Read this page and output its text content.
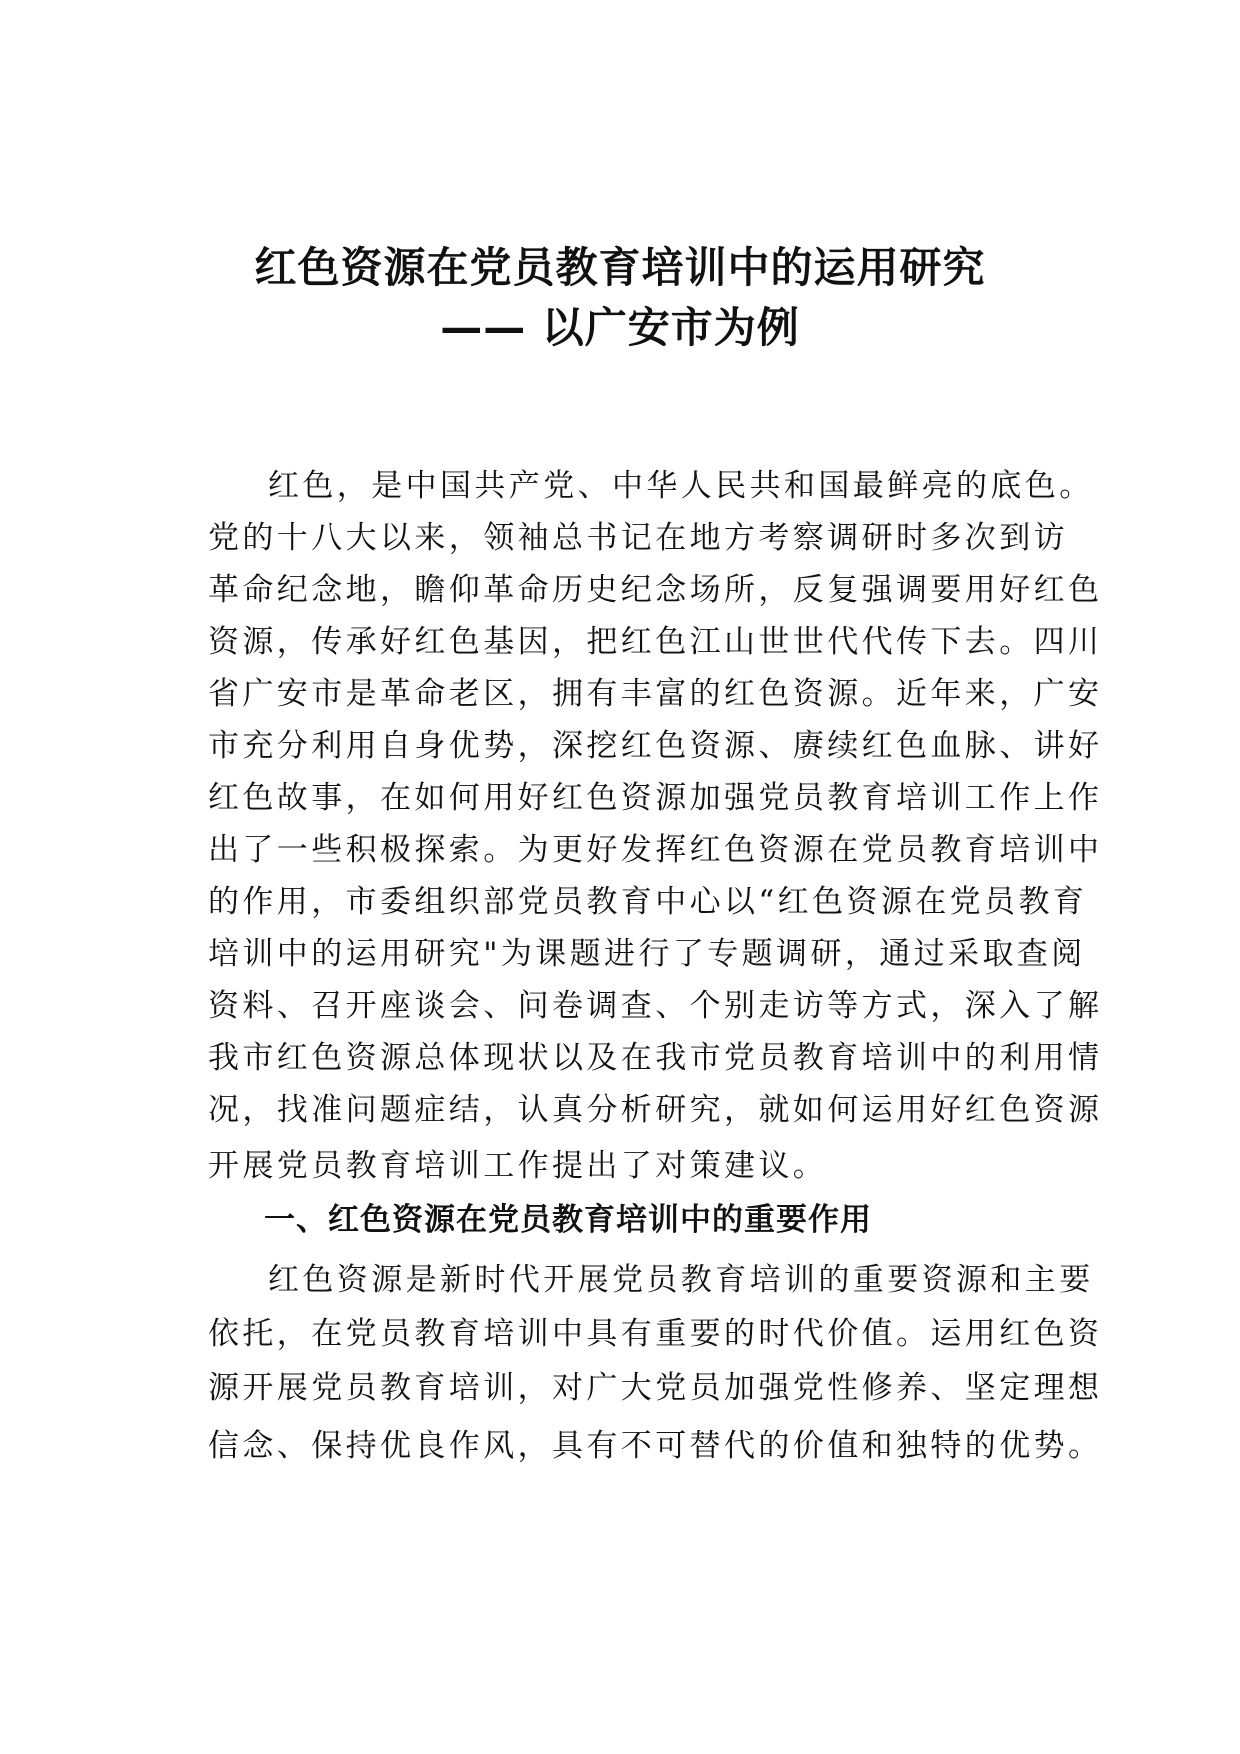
红色资源在党员教育培训中的运用研究
—— 以广安市为例
红色，是中国共产党、中华人民共和国最鲜亮的底色。
党的十八大以来，领袖总书记在地方考察调研时多次到访
革命纪念地，瞻仰革命历史纪念场所，反复强调要用好红色
资源，传承好红色基因，把红色江山世世代代传下去。四川
省广安市是革命老区，拥有丰富的红色资源。近年来，广安
市充分利用自身优势，深挖红色资源、赓续红色血脉、讲好
红色故事，在如何用好红色资源加强党员教育培训工作上作
出了一些积极探索。为更好发挥红色资源在党员教育培训中
的作用，市委组织部党员教育中心以“红色资源在党员教育
培训中的运用研究"为课题进行了专题调研，通过采取查阅
资料、召开座谈会、问卷调查、个别走访等方式，深入了解
我市红色资源总体现状以及在我市党员教育培训中的利用情
况，找准问题症结，认真分析研究，就如何运用好红色资源
开展党员教育培训工作提出了对策建议。
一、红色资源在党员教育培训中的重要作用
红色资源是新时代开展党员教育培训的重要资源和主要
依托，在党员教育培训中具有重要的时代价值。运用红色资
源开展党员教育培训，对广大党员加强党性修养、坚定理想
信念、保持优良作风，具有不可替代的价值和独特的优势。
